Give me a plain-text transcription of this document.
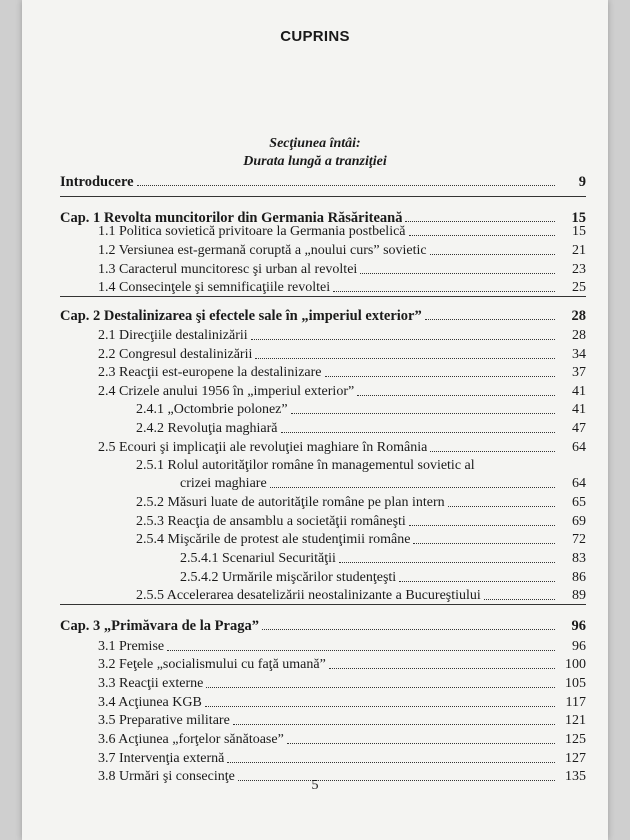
CUPRINS
Secţiunea întâi:
Durata lungă a tranziţiei
Introducere	9
Cap. 1 Revolta muncitorilor din Germania Răsăriteană	15
1.1 Politica sovietică privitoare la Germania postbelică	15
1.2 Versiunea est-germană coruptă a „noului curs” sovietic	21
1.3 Caracterul muncitoresc şi urban al revoltei	23
1.4 Consecinţele şi semnificaţiile revoltei	25
Cap. 2 Destalinizarea şi efectele sale în „imperiul exterior”	28
2.1 Direcţiile destalinizării	28
2.2 Congresul destalinizării	34
2.3 Reacţii est-europene la destalinizare	37
2.4 Crizele anului 1956 în „imperiul exterior”	41
2.4.1 „Octombrie polonez”	41
2.4.2 Revoluţia maghiară	47
2.5 Ecouri şi implicaţii ale revoluţiei maghiare în România	64
2.5.1 Rolul autorităţilor române în managementul sovietic al
crizei maghiare	64
2.5.2 Măsuri luate de autorităţile române pe plan intern	65
2.5.3 Reacţia de ansamblu a societăţii româneşti	69
2.5.4 Mişcările de protest ale studenţimii române	72
2.5.4.1 Scenariul Securităţii	83
2.5.4.2 Urmările mişcărilor studenţeşti	86
2.5.5 Accelerarea desatelizării neostalinizante a Bucureştiului	89
Cap. 3 „Primăvara de la Praga”	96
3.1 Premise	96
3.2 Feţele „socialismului cu faţă umană”	100
3.3 Reacţii externe	105
3.4 Acţiunea KGB	117
3.5 Preparative militare	121
3.6 Acţiunea „forţelor sănătoase”	125
3.7 Intervenţia externă	127
3.8 Urmări şi consecinţe	135
5
